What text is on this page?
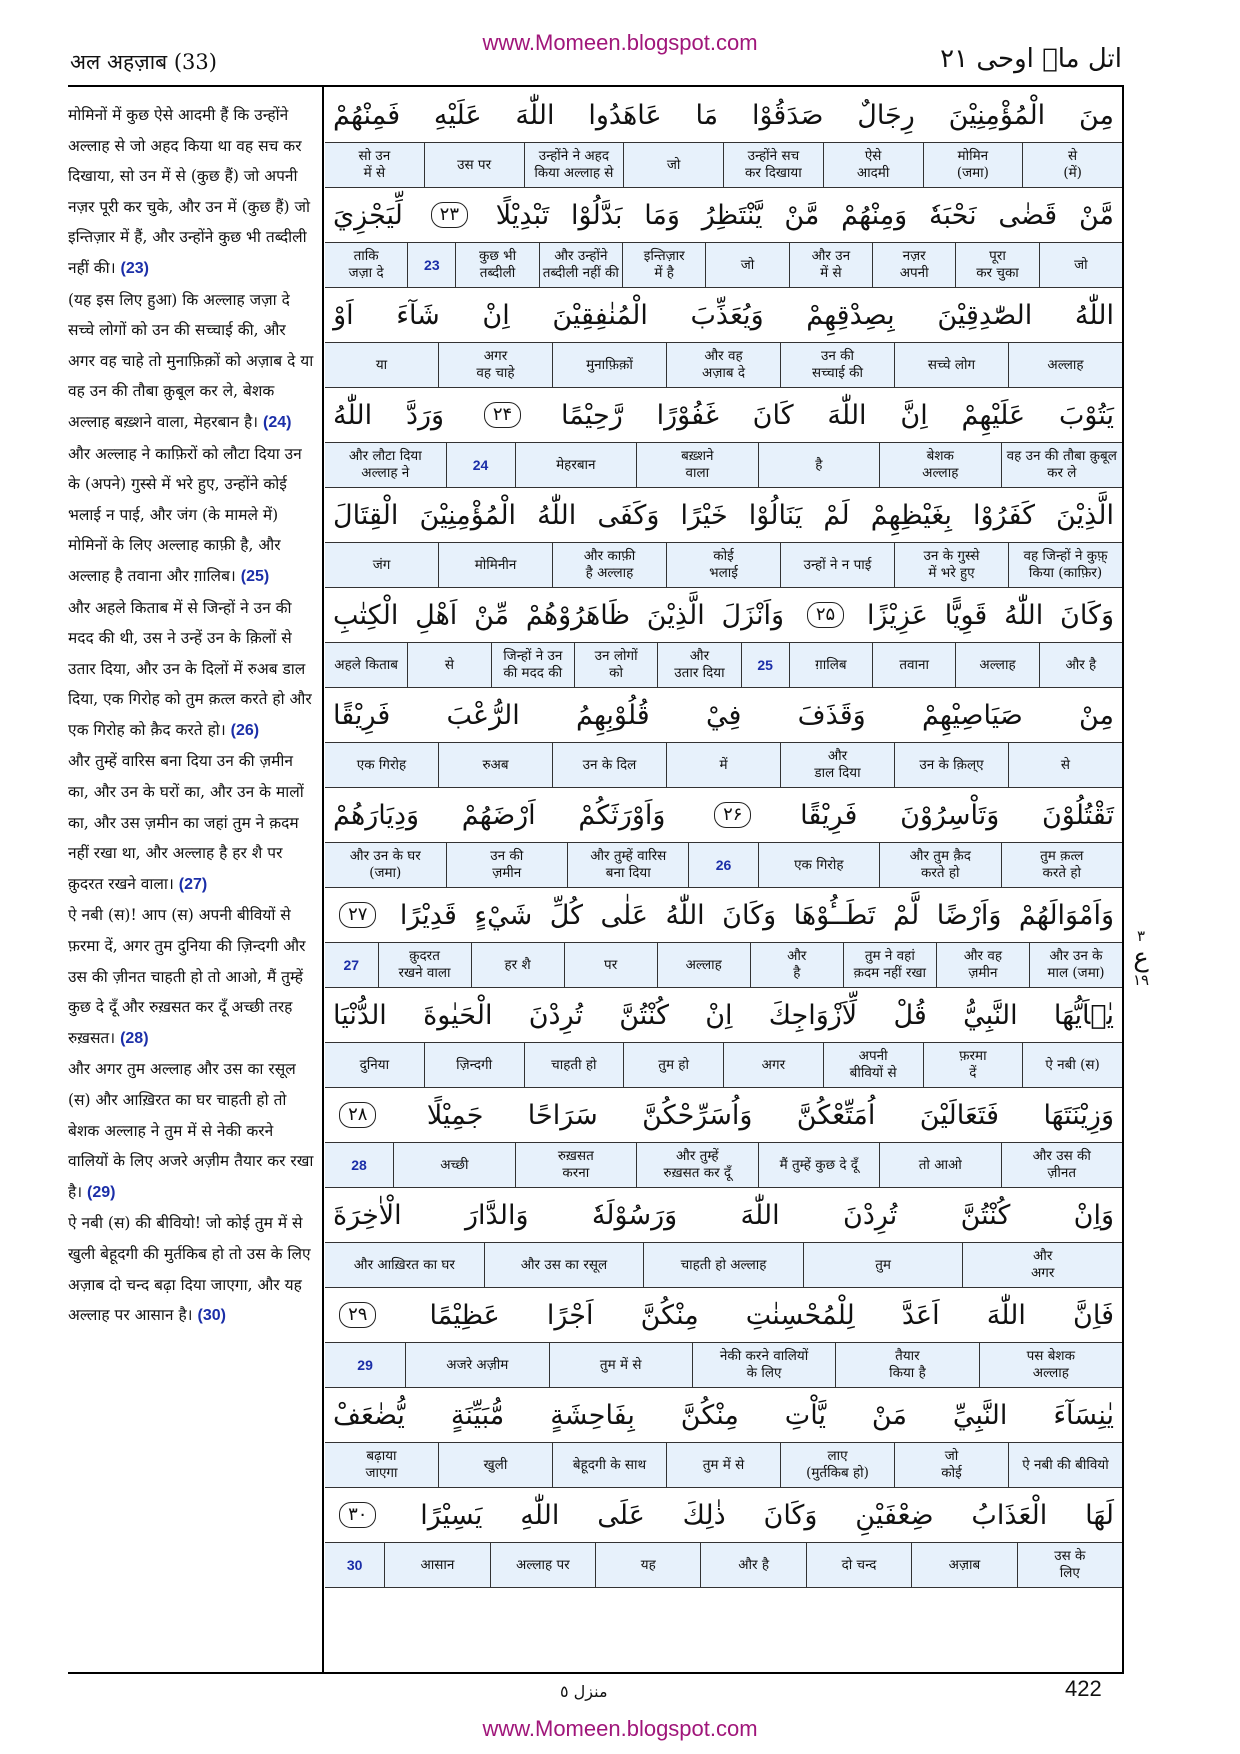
www.Momeen.blogspot.com
अल अहज़ाब (33)	اتل ماۤ اوحی ۲۱

मोमिनों में कुछ ऐसे आदमी हैं कि उन्होंने अल्लाह से जो अहद किया था वह सच कर दिखाया, सो उन में से (कुछ हैं) जो अपनी नज़र पूरी कर चुके, और उन में (कुछ हैं) जो इन्तिज़ार में हैं, और उन्होंने कुछ भी तब्दीली नहीं की। (23)

(यह इस लिए हुआ) कि अल्लाह जज़ा दे सच्चे लोगों को उन की सच्चाई की, और अगर वह चाहे तो मुनाफ़िक़ों को अज़ाब दे या वह उन की तौबा क़ुबूल कर ले, बेशक अल्लाह बख़्शने वाला, मेहरबान है। (24)

और अल्लाह ने काफ़िरों को लौटा दिया उन के (अपने) गुस्से में भरे हुए, उन्होंने कोई भलाई न पाई, और जंग (के मामले में) मोमिनों के लिए अल्लाह काफ़ी है, और अल्लाह है तवाना और ग़ालिब। (25)

और अहले किताब में से जिन्हों ने उन की मदद की थी, उस ने उन्हें उन के क़िलों से उतार दिया, और उन के दिलों में रुअब डाल दिया, एक गिरोह को तुम क़त्ल करते हो और एक गिरोह को क़ैद करते हो। (26)

और तुम्हें वारिस बना दिया उन की ज़मीन का, और उन के घरों का, और उन के मालों का, और उस ज़मीन का जहां तुम ने क़दम नहीं रखा था, और अल्लाह है हर शै पर क़ुदरत रखने वाला। (27)

ऐ नबी (स)! आप (स) अपनी बीवियों से फ़रमा दें, अगर तुम दुनिया की ज़िन्दगी और उस की ज़ीनत चाहती हो तो आओ, मैं तुम्हें कुछ दे दूँ और रुख़सत कर दूँ अच्छी तरह रुख़सत। (28)

और अगर तुम अल्लाह और उस का रसूल (स) और आख़िरत का घर चाहती हो तो बेशक अल्लाह ने तुम में से नेकी करने वालियों के लिए अजरे अज़ीम तैयार कर रखा है। (29)

ऐ नबी (स) की बीवियो! जो कोई तुम में से खुली बेहूदगी की मुर्तकिब हो तो उस के लिए अज़ाब दो चन्द बढ़ा दिया जाएगा, और यह अल्लाह पर आसान है। (30)

مِنَ
الْمُؤْمِنِيْنَ
رِجَالٌ
صَدَقُوْا
مَا
عَاهَدُوا
اللّٰهَ
عَلَيْهِ
فَمِنْهُمْ
से
(में)
मोमिन
(जमा)
ऐसे
आदमी
उन्होंने सच
कर दिखाया
जो
उन्होंने ने अहद
किया अल्लाह से
उस पर
सो उन
में से
مَّنْ
قَضٰى
نَحْبَهٗ
وَمِنْهُمْ
مَّنْ
يَّنْتَظِرُ
وَمَا
بَدَّلُوْا
تَبْدِيْلًا
۲۳
لِّيَجْزِيَ
जो
पूरा
कर चुका
नज़र
अपनी
और उन
में से
जो
इन्तिज़ार
में है
और उन्होंने
तब्दीली नहीं की
कुछ भी
तब्दीली
23
ताकि
जज़ा दे
اللّٰهُ
الصّٰدِقِيْنَ
بِصِدْقِهِمْ
وَيُعَذِّبَ
الْمُنٰفِقِيْنَ
اِنْ
شَآءَ
اَوْ
अल्लाह
सच्चे लोग
उन की
सच्चाई की
और वह
अज़ाब दे
मुनाफ़िक़ों
अगर
वह चाहे
या
يَتُوْبَ
عَلَيْهِمْ
اِنَّ
اللّٰهَ
كَانَ
غَفُوْرًا
رَّحِيْمًا
۲۴
وَرَدَّ
اللّٰهُ
वह उन की तौबा क़ुबूल कर ले
बेशक
अल्लाह
है
बख़्शने
वाला
मेहरबान
24
और लौटा दिया
अल्लाह ने
الَّذِيْنَ
كَفَرُوْا
بِغَيْظِهِمْ
لَمْ
يَنَالُوْا
خَيْرًا
وَكَفَى
اللّٰهُ
الْمُؤْمِنِيْنَ
الْقِتَالَ
वह जिन्हों ने कुफ़्
किया (काफ़िर)
उन के गुस्से
में भरे हुए
उन्हों ने न पाई
कोई
भलाई
और काफ़ी
है अल्लाह
मोमिनीन
जंग
وَكَانَ
اللّٰهُ
قَوِيًّا
عَزِيْزًا
۲۵
وَاَنْزَلَ
الَّذِيْنَ
ظَاهَرُوْهُمْ
مِّنْ
اَهْلِ
الْكِتٰبِ
और है
अल्लाह
तवाना
ग़ालिब
25
और
उतार दिया
उन लोगों
को
जिन्हों ने उन
की मदद की
से
अहले किताब
مِنْ
صَيَاصِيْهِمْ
وَقَذَفَ
فِيْ
قُلُوْبِهِمُ
الرُّعْبَ
فَرِيْقًا
से
उन के क़िल्ए
और
डाल दिया
में
उन के दिल
रुअब
एक गिरोह
تَقْتُلُوْنَ
وَتَاْسِرُوْنَ
فَرِيْقًا
۲۶
وَاَوْرَثَكُمْ
اَرْضَهُمْ
وَدِيَارَهُمْ
तुम क़त्ल
करते हो
और तुम क़ैद
करते हो
एक गिरोह
26
और तुम्हें वारिस
बना दिया
उन की
ज़मीन
और उन के घर
(जमा)
وَاَمْوَالَهُمْ
وَاَرْضًا
لَّمْ
تَطَــُٔوْهَا
وَكَانَ
اللّٰهُ
عَلٰى
كُلِّ
شَيْءٍ
قَدِيْرًا
۲۷
और उन के
माल (जमा)
और वह
ज़मीन
तुम ने वहां
क़दम नहीं रखा
और
है
अल्लाह
पर
हर शै
क़ुदरत
रखने वाला
27
يٰۤاَيُّهَا
النَّبِيُّ
قُلْ
لِّاَزْوَاجِكَ
اِنْ
كُنْتُنَّ
تُرِدْنَ
الْحَيٰوةَ
الدُّنْيَا
ऐ नबी (स)
फ़रमा
दें
अपनी
बीवियों से
अगर
तुम हो
चाहती हो
ज़िन्दगी
दुनिया
وَزِيْنَتَهَا
فَتَعَالَيْنَ
اُمَتِّعْكُنَّ
وَاُسَرِّحْكُنَّ
سَرَاحًا
جَمِيْلًا
۲۸
और उस की
ज़ीनत
तो आओ
मैं तुम्हें कुछ दे दूँ
और तुम्हें
रुख़सत कर दूँ
रुख़सत
करना
अच्छी
28
وَاِنْ
كُنْتُنَّ
تُرِدْنَ
اللّٰهَ
وَرَسُوْلَهٗ
وَالدَّارَ
الْاٰخِرَةَ
और
अगर
तुम
चाहती हो अल्लाह
और उस का रसूल
और आख़िरत का घर
فَاِنَّ
اللّٰهَ
اَعَدَّ
لِلْمُحْسِنٰتِ
مِنْكُنَّ
اَجْرًا
عَظِيْمًا
۲۹
पस बेशक
अल्लाह
तैयार
किया है
नेकी करने वालियों
के लिए
तुम में से
अजरे अज़ीम
29
يٰنِسَآءَ
النَّبِيِّ
مَنْ
يَّاْتِ
مِنْكُنَّ
بِفَاحِشَةٍ
مُّبَيِّنَةٍ
يُّضٰعَفْ
ऐ नबी की बीवियो
जो
कोई
लाए
(मुर्तकिब हो)
तुम में से
बेहूदगी के साथ
खुली
बढ़ाया
जाएगा
لَهَا
الْعَذَابُ
ضِعْفَيْنِ
وَكَانَ
ذٰلِكَ
عَلَى
اللّٰهِ
يَسِيْرًا
۳۰
उस के
लिए
अज़ाब
दो चन्द
और है
यह
अल्लाह पर
आसान
30
٣
ع
١٩
منزل ٥	422
www.Momeen.blogspot.com
